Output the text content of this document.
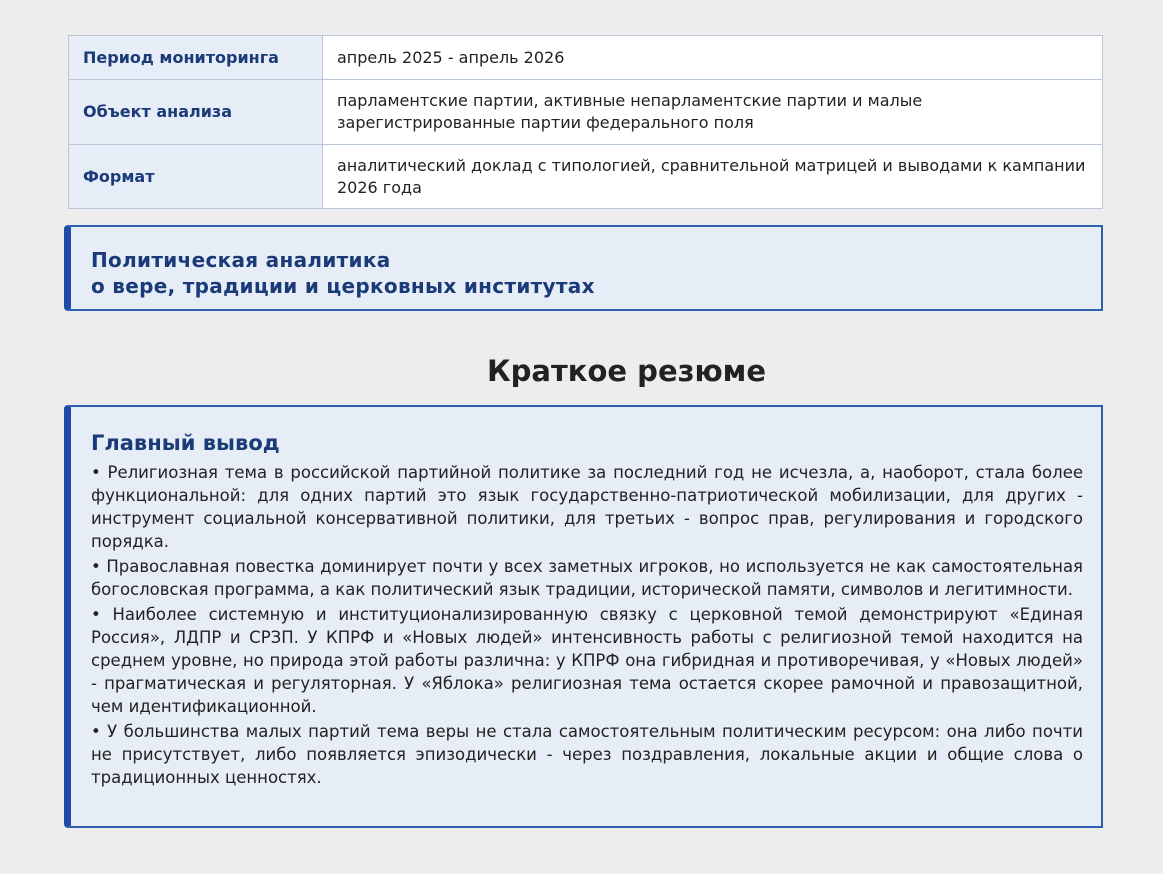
Период мониторинга	апрель 2025 - апрель 2026
Объект анализа	парламентские партии, активные непарламентские партии и малые зарегистрированные партии федерального поля
Формат	аналитический доклад с типологией, сравнительной матрицей и выводами к кампании 2026 года
Политическая аналитика
о вере, традиции и церковных институтах
Краткое резюме
Главный вывод

• Религиозная тема в российской партийной политике за последний год не исчезла, а, наоборот, стала более функциональной: для одних партий это язык государственно-патриотической мобилизации, для других - инструмент социальной консервативной политики, для третьих - вопрос прав, регулирования и городского порядка.

• Православная повестка доминирует почти у всех заметных игроков, но используется не как самостоятельная богословская программа, а как политический язык традиции, исторической памяти, символов и легитимности.

• Наиболее системную и институционализированную связку с церковной темой демонстрируют «Единая Россия», ЛДПР и СРЗП. У КПРФ и «Новых людей» интенсивность работы с религиозной темой находится на среднем уровне, но природа этой работы различна: у КПРФ она гибридная и противоречивая, у «Новых людей» - прагматическая и регуляторная. У «Яблока» религиозная тема остается скорее рамочной и правозащитной, чем идентификационной.

• У большинства малых партий тема веры не стала самостоятельным политическим ресурсом: она либо почти не присутствует, либо появляется эпизодически - через поздравления, локальные акции и общие слова о традиционных ценностях.
